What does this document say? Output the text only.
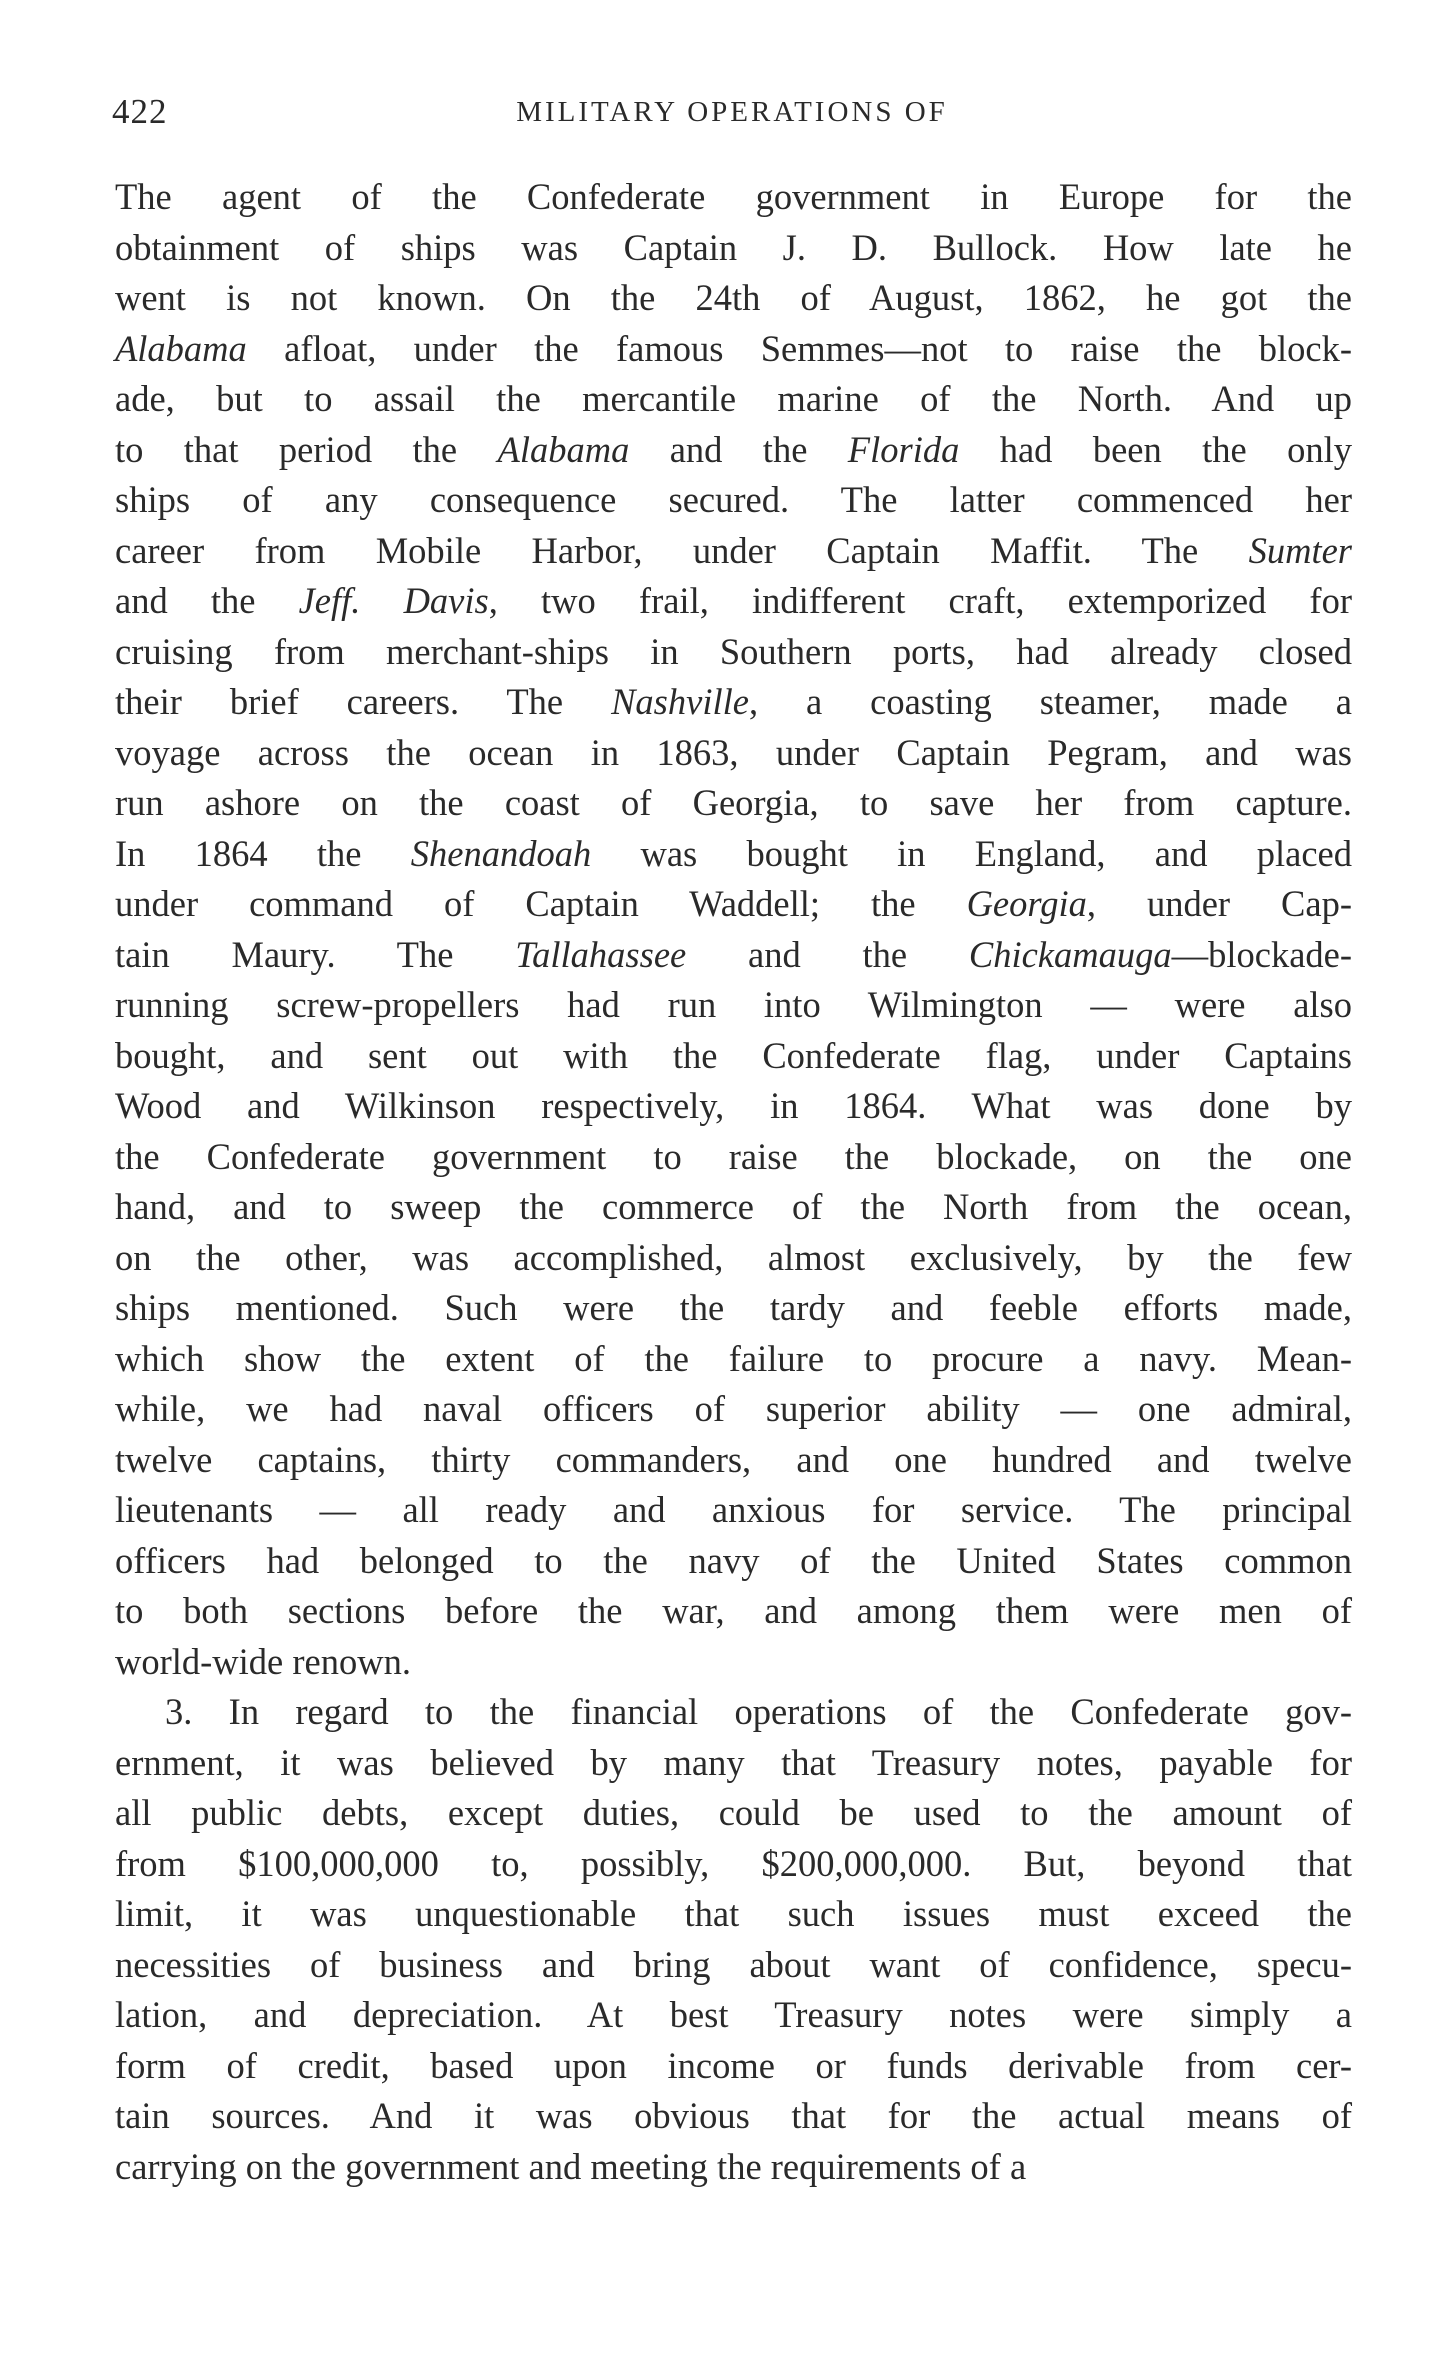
422	MILITARY OPERATIONS OF
The agent of the Confederate government in Europe for the
obtainment of ships was Captain J. D. Bullock. How late he
went is not known. On the 24th of August, 1862, he got the
Alabama afloat, under the famous Semmes—not to raise the block-
ade, but to assail the mercantile marine of the North. And up
to that period the Alabama and the Florida had been the only
ships of any consequence secured. The latter commenced her
career from Mobile Harbor, under Captain Maffit. The Sumter
and the Jeff. Davis, two frail, indifferent craft, extemporized for
cruising from merchant-ships in Southern ports, had already closed
their brief careers. The Nashville, a coasting steamer, made a
voyage across the ocean in 1863, under Captain Pegram, and was
run ashore on the coast of Georgia, to save her from capture.
In 1864 the Shenandoah was bought in England, and placed
under command of Captain Waddell; the Georgia, under Cap-
tain Maury. The Tallahassee and the Chickamauga—blockade-
running screw-propellers had run into Wilmington — were also
bought, and sent out with the Confederate flag, under Captains
Wood and Wilkinson respectively, in 1864. What was done by
the Confederate government to raise the blockade, on the one
hand, and to sweep the commerce of the North from the ocean,
on the other, was accomplished, almost exclusively, by the few
ships mentioned. Such were the tardy and feeble efforts made,
which show the extent of the failure to procure a navy. Mean-
while, we had naval officers of superior ability — one admiral,
twelve captains, thirty commanders, and one hundred and twelve
lieutenants — all ready and anxious for service. The principal
officers had belonged to the navy of the United States common
to both sections before the war, and among them were men of
world-wide renown.
3. In regard to the financial operations of the Confederate gov-
ernment, it was believed by many that Treasury notes, payable for
all public debts, except duties, could be used to the amount of
from $100,000,000 to, possibly, $200,000,000. But, beyond that
limit, it was unquestionable that such issues must exceed the
necessities of business and bring about want of confidence, specu-
lation, and depreciation. At best Treasury notes were simply a
form of credit, based upon income or funds derivable from cer-
tain sources. And it was obvious that for the actual means of
carrying on the government and meeting the requirements of a
